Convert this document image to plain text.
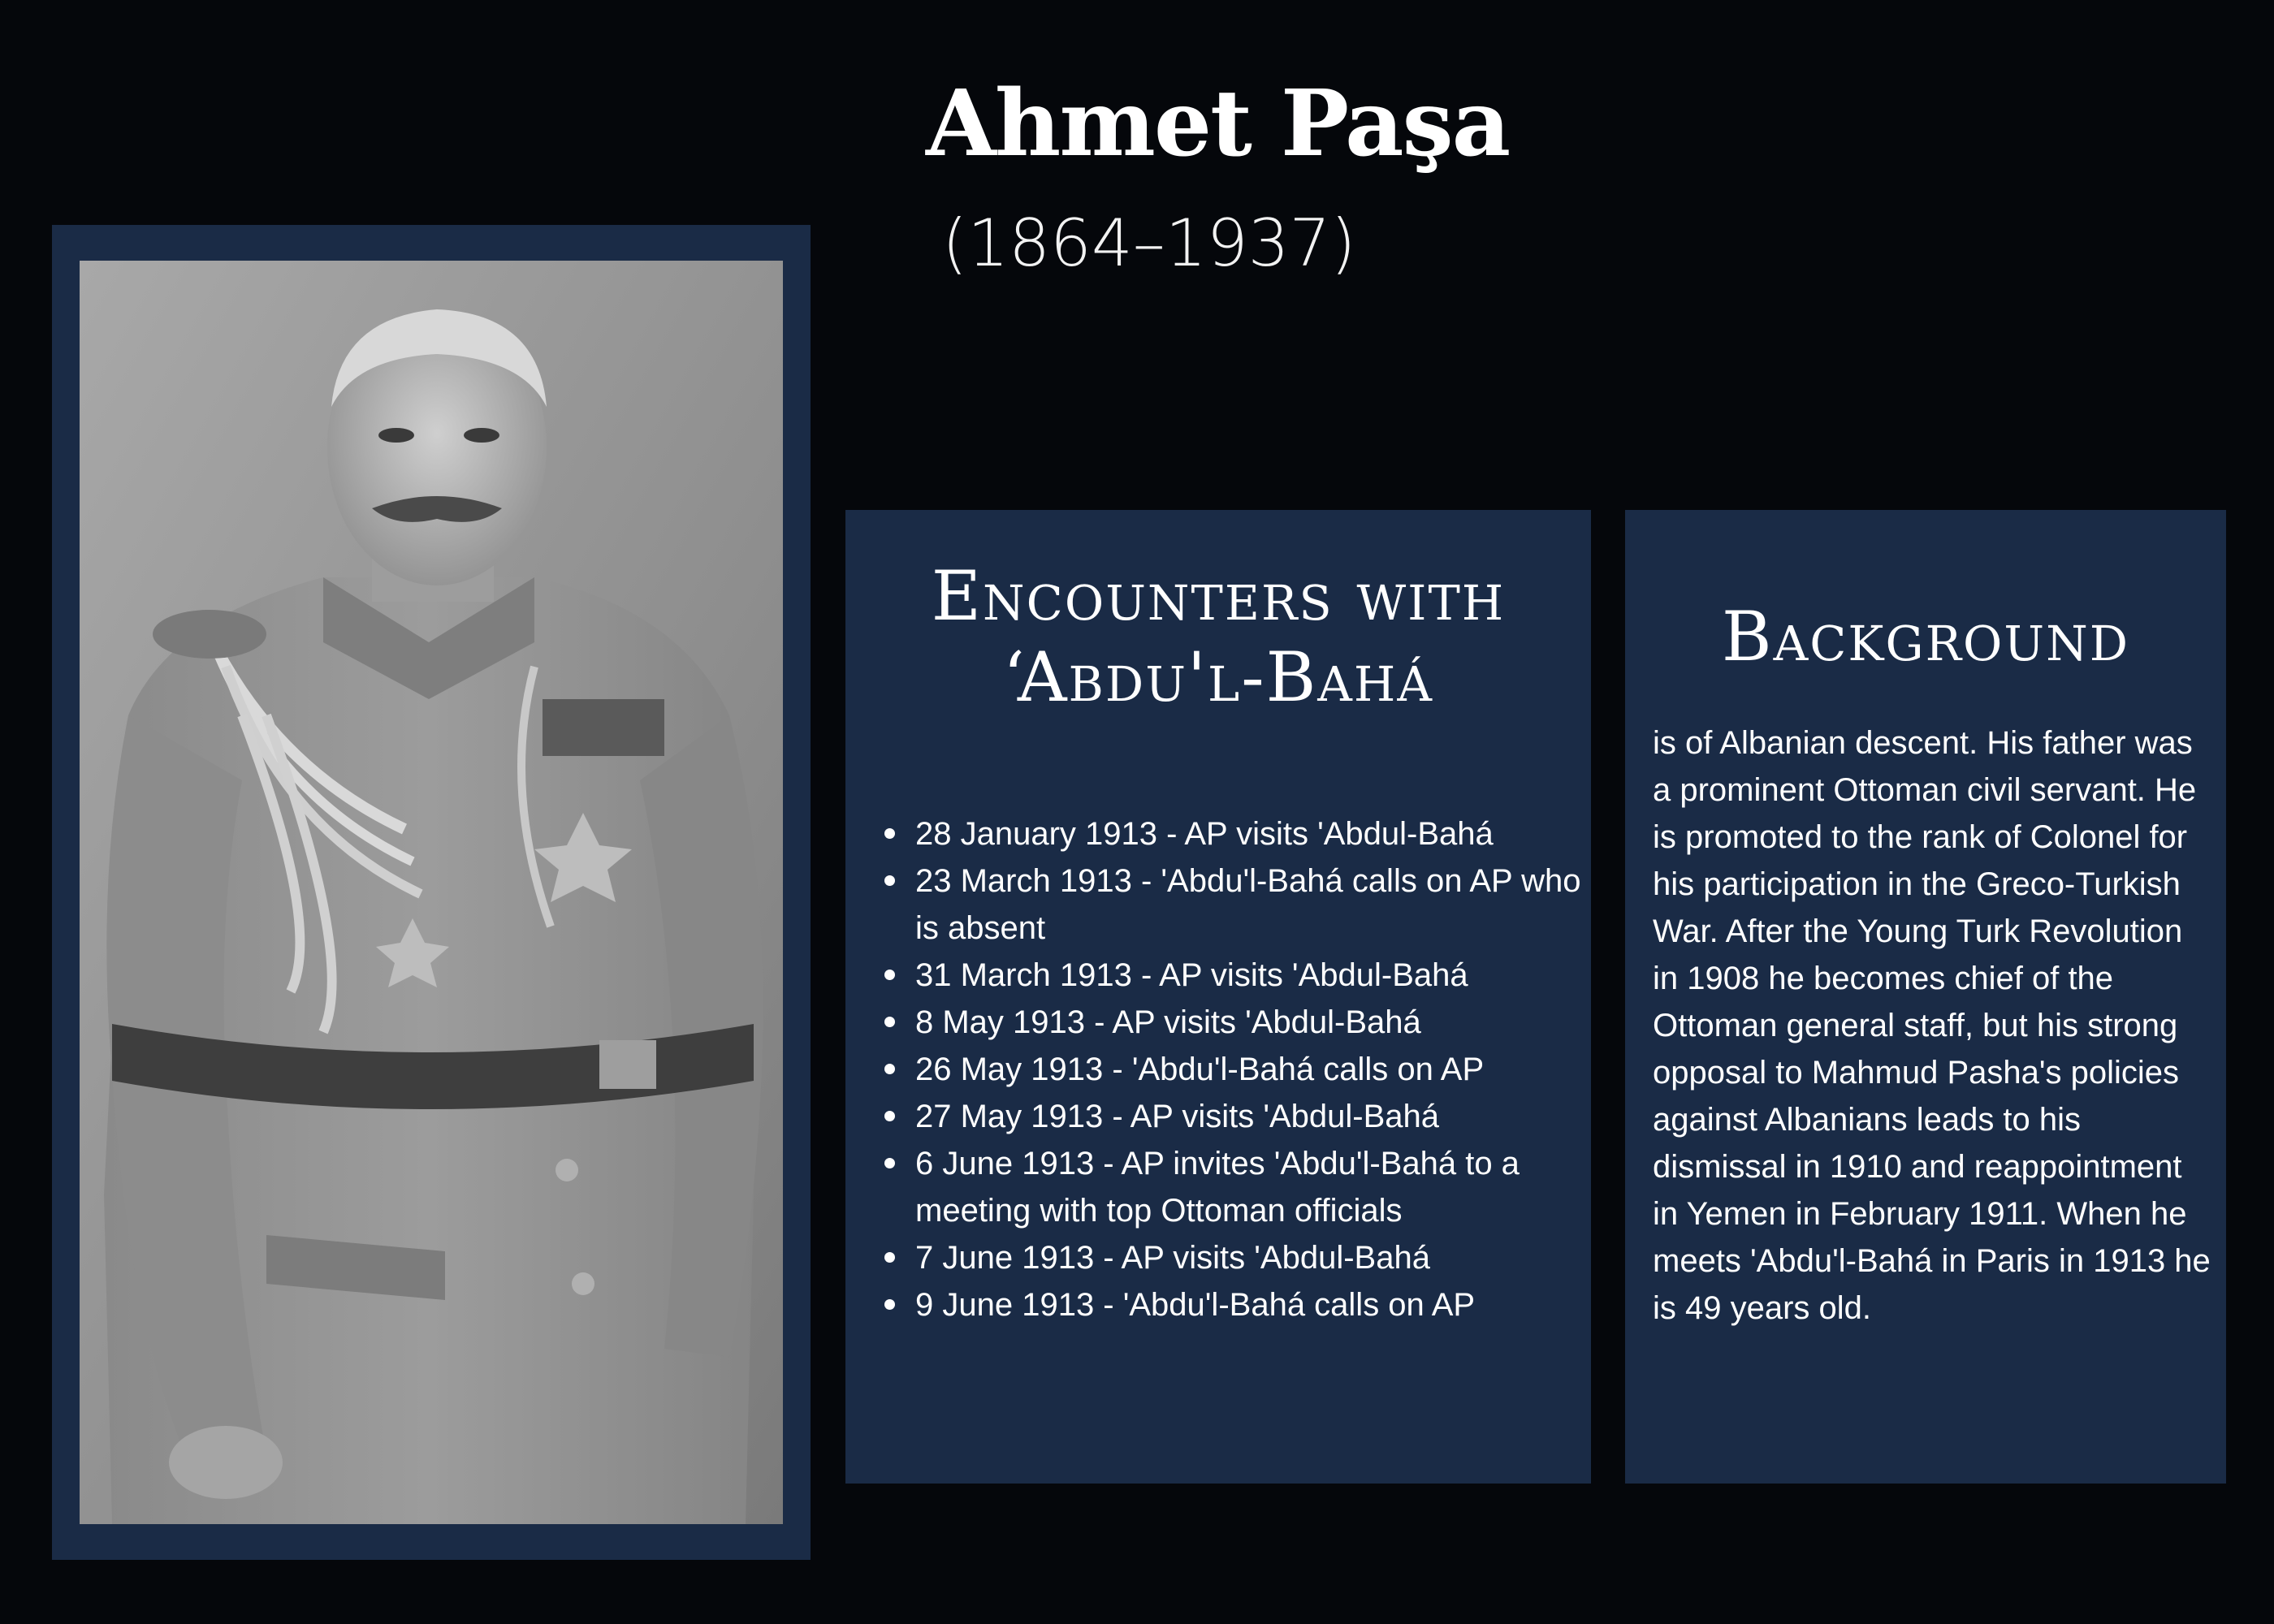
Ahmet Paşa
(1864–1937)
Encounters with
‘Abdu'l-Bahá
28 January 1913 - AP visits 'Abdul-Bahá
23 March 1913 - 'Abdu'l-Bahá calls on AP who is absent
31 March 1913 - AP visits 'Abdul-Bahá
8 May 1913 - AP visits 'Abdul-Bahá
26 May 1913 - 'Abdu'l-Bahá calls on AP
27 May 1913 - AP visits 'Abdul-Bahá
6 June 1913 - AP invites 'Abdu'l-Bahá to a meeting with top Ottoman officials
7 June 1913 - AP visits 'Abdul-Bahá
9 June 1913 - 'Abdu'l-Bahá calls on AP
Background

is of Albanian descent. His father was a prominent Ottoman civil servant. He is promoted to the rank of Colonel for his participation in the Greco-Turkish War. After the Young Turk Revolution in 1908 he becomes chief of the Ottoman general staff, but his strong opposal to Mahmud Pasha's policies against Albanians leads to his dismissal in 1910 and reappointment in Yemen in February 1911. When he meets 'Abdu'l-Bahá in Paris in 1913 he is 49 years old.
